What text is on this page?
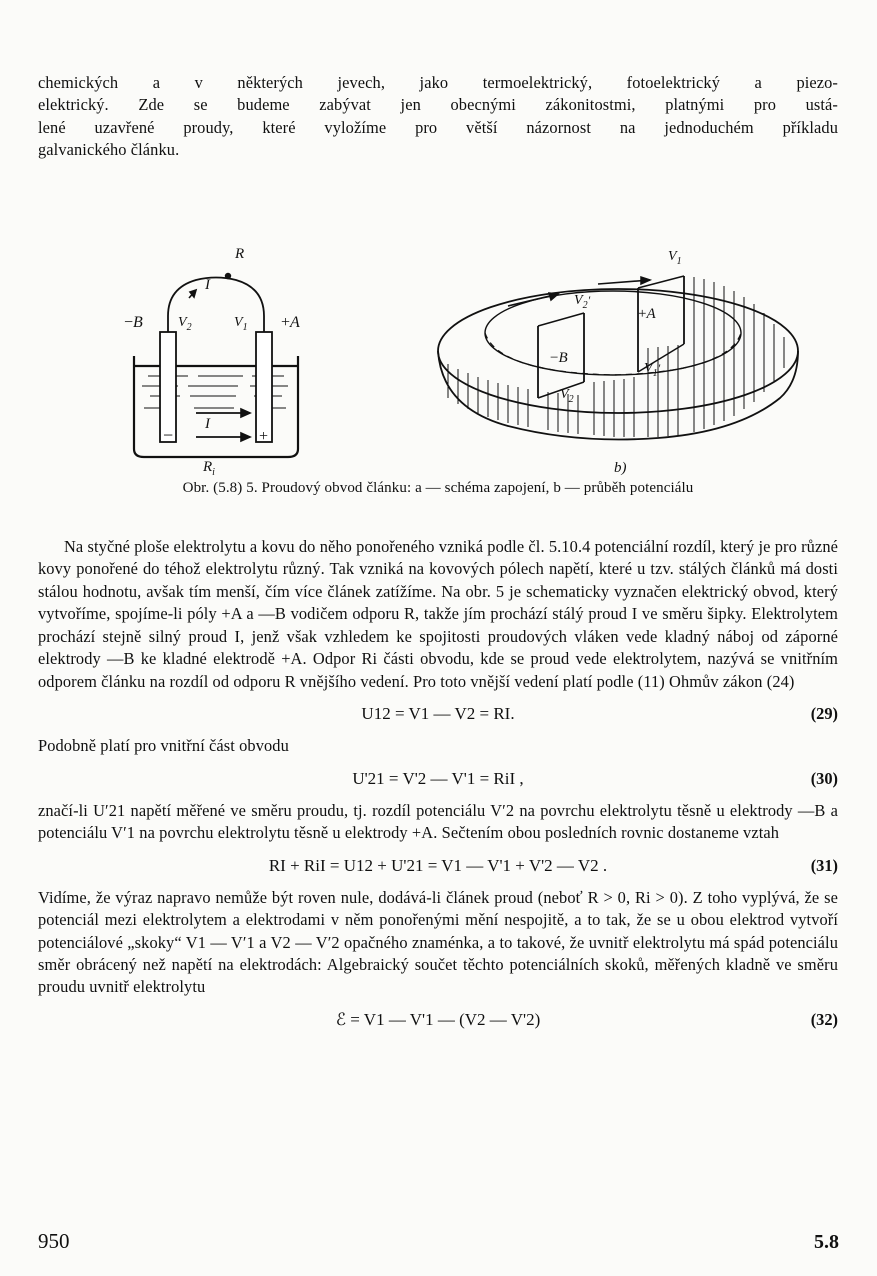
chemických a v některých jevech, jako termoelektrický, fotoelektrický a piezo-

elektrický. Zde se budeme zabývat jen obecnými zákonitostmi, platnými pro ustá-

lené uzavřené proudy, které vyložíme pro větší názornost na jednoduchém příkladu

galvanického článku.

R
I
−B	+A
$V_2$	$V_1$
I
$R_i$
−	+
$V_1$
$V_2'$
+A
−B
$V_1'$
$V_2$
b)
Obr. (5.8) 5. Proudový obvod článku: a — schéma zapojení, b — průběh potenciálu

Na styčné ploše elektrolytu a kovu do něho ponořeného vzniká podle čl. 5.10.4 potenciální rozdíl, který je pro různé kovy ponořené do téhož elektrolytu různý. Tak vzniká na kovových pólech napětí, které u tzv. stálých článků má dosti stálou hodnotu, avšak tím menší, čím více článek zatížíme. Na obr. 5 je schematicky vyznačen elektrický obvod, který vytvoříme, spojíme-li póly +A a —B vodičem odporu R, takže jím prochází stálý proud I ve směru šipky. Elektrolytem prochází stejně silný proud I, jenž však vzhledem ke spojitosti proudových vláken vede kladný náboj od záporné elektrody —B ke kladné elektrodě +A. Odpor Ri části obvodu, kde se proud vede elektrolytem, nazývá se vnitřním odporem článku na rozdíl od odporu R vnějšího vedení. Pro toto vnější vedení platí podle (11) Ohmův zákon (24)

U12 = V1 — V2 = RI.	(29)

Podobně platí pro vnitřní část obvodu

U'21 = V'2 — V'1 = RiI ,	(30)

značí-li U′21 napětí měřené ve směru proudu, tj. rozdíl potenciálu V′2 na povrchu elektrolytu těsně u elektrody —B a potenciálu V′1 na povrchu elektrolytu těsně u elektrody +A. Sečtením obou posledních rovnic dostaneme vztah

RI + RiI = U12 + U'21 = V1 — V'1 + V'2 — V2 .	(31)

Vidíme, že výraz napravo nemůže být roven nule, dodává-li článek proud (neboť R > 0, Ri > 0). Z toho vyplývá, že se potenciál mezi elektrolytem a elektrodami v něm ponořenými mění nespojitě, a to tak, že se u obou elektrod vytvoří potenciálové „skoky“ V1 — V′1 a V2 — V′2 opačného znaménka, a to takové, že uvnitř elektrolytu má spád potenciálu směr obrácený než napětí na elektrodách: Algebraický součet těchto potenciálních skoků, měřených kladně ve směru proudu uvnitř elektrolytu

ℰ = V1 — V'1 — (V2 — V'2)	(32)
950	5.8
